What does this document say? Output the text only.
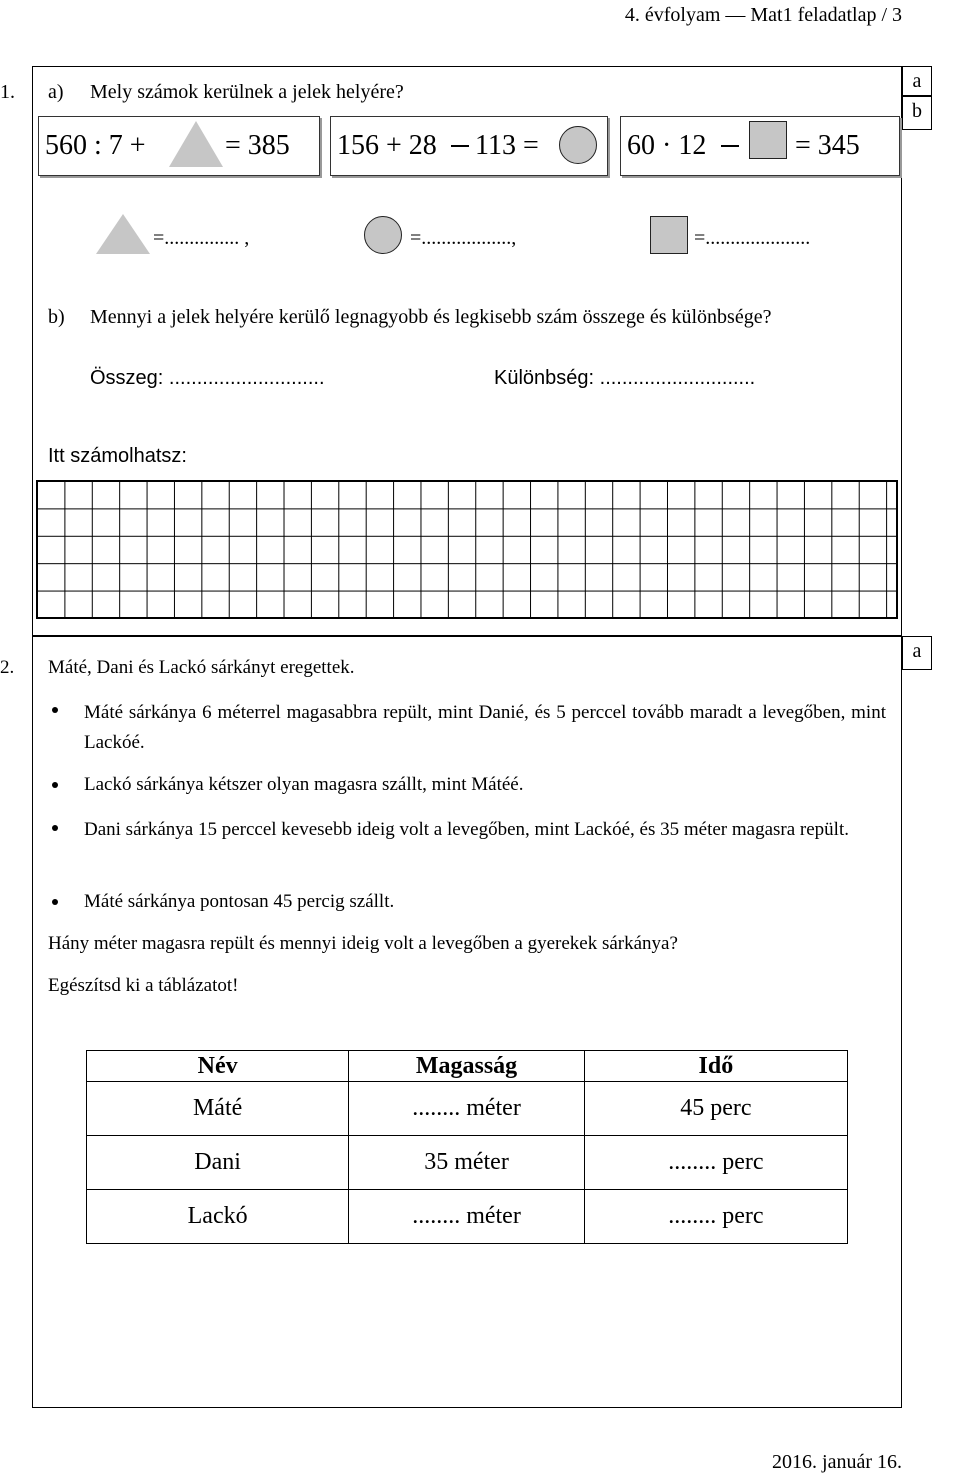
4. évfolyam — Mat1 feladatlap / 3
a
b
1. a) Mely számok kerülnek a jelek helyére?
560 : 7 +	= 385 156 + 28 113 =	60 · 12	= 345
=............... ,	=..................,	=.....................
b) Mennyi a jelek helyére kerülő legnagyobb és legkisebb szám összege és különbsége?
Összeg: ............................	Különbség: ............................
Itt számolhatsz:
a
2. Máté, Dani és Lackó sárkányt eregettek.
Máté sárkánya 6 méterrel magasabbra repült, mint Danié, és 5 perccel tovább maradt a levegőben, mint Lackóé.
Lackó sárkánya kétszer olyan magasra szállt, mint Mátéé.
Dani sárkánya 15 perccel kevesebb ideig volt a levegőben, mint Lackóé, és 35 méter magasra repült.
Máté sárkánya pontosan 45 percig szállt.
Hány méter magasra repült és mennyi ideig volt a levegőben a gyerekek sárkánya?
Egészítsd ki a táblázatot!
Név	Magasság	Idő
Máté	........ méter	45 perc
Dani	35 méter	........ perc
Lackó	........ méter	........ perc
2016. január 16.
